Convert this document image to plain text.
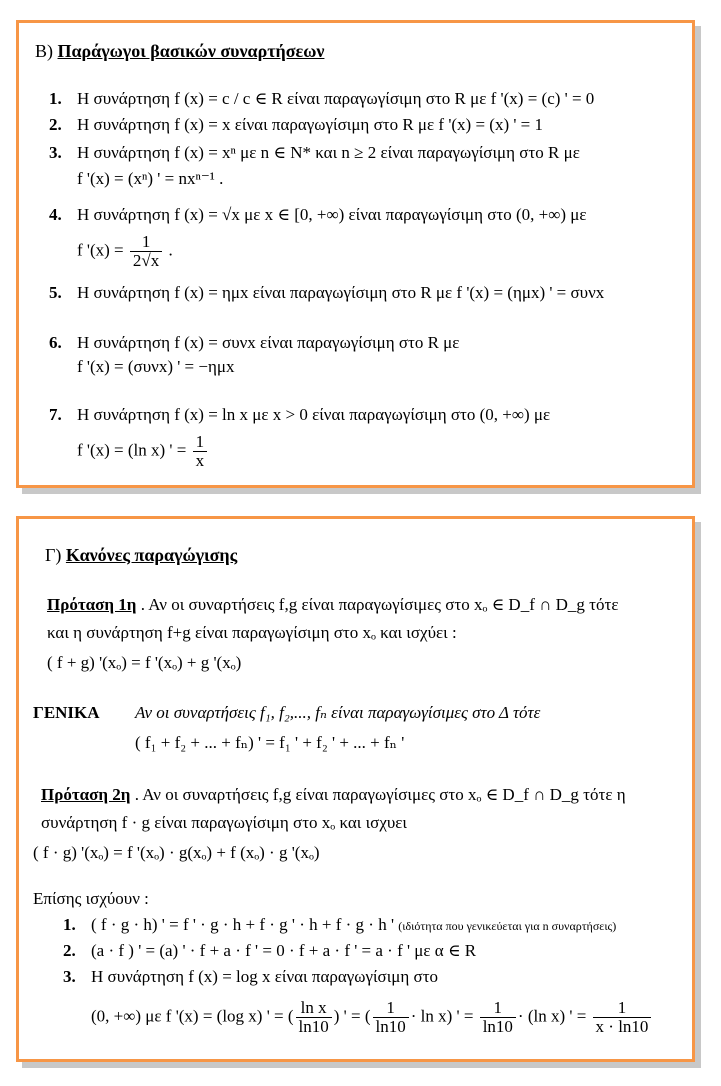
Β) Παράγωγοι βασικών συναρτήσεων
1. Η συνάρτηση f (x) = c / c ∈ R είναι παραγωγίσιμη στο R με f '(x) = (c) ' = 0
2. Η συνάρτηση f (x) = x είναι παραγωγίσιμη στο R με f '(x) = (x) ' = 1
3. Η συνάρτηση f (x) = xⁿ με n ∈ N* και n ≥ 2 είναι παραγωγίσιμη στο R με
f '(x) = (xⁿ) ' = nxⁿ⁻¹ .
4. Η συνάρτηση f (x) = √x με x ∈ [0, +∞) είναι παραγωγίσιμη στο (0, +∞) με
f '$(x) = \frac{1}{2√x}$ .
5. Η συνάρτηση f (x) = ημx είναι παραγωγίσιμη στο R με f '(x) = (ημx) ' = συνx
6. Η συνάρτηση f (x) = συνx είναι παραγωγίσιμη στο R με
f '(x) = (συνx) ' = −ημx
7. Η συνάρτηση f (x) = ln x με x > 0 είναι παραγωγίσιμη στο (0, +∞) με
f '(x) = (ln x) ' = $\frac{1}{x}$
Γ) Κανόνες παραγώγισης
Πρόταση 1η . Αν οι συναρτήσεις f,g είναι παραγωγίσιμες στο xₒ ∈ D_f ∩ D_g τότε
και η συνάρτηση f+g είναι παραγωγίσιμη στο xₒ και ισχύει :
( f + g) '(xₒ) = f '(xₒ) + g '(xₒ)
ΓΕΝΙΚΑ Αν οι συναρτήσεις f₁, f₂,..., fₙ είναι παραγωγίσιμες στο Δ τότε
( f₁ + f₂ + ... + fₙ) ' = f₁ ' + f₂ ' + ... + fₙ '
Πρόταση 2η . Αν οι συναρτήσεις f,g είναι παραγωγίσιμες στο xₒ ∈ D_f ∩ D_g τότε η
συνάρτηση f · g είναι παραγωγίσιμη στο xₒ και ισχυει
( f · g) '(xₒ) = f '(xₒ) · g(xₒ) + f (xₒ) · g '(xₒ)
Επίσης ισχύουν :
1. ( f · g · h) ' = f ' · g · h + f · g ' · h + f · g · h ' (ιδιότητα που γενικεύεται για n συναρτήσεις)
2. (a · f ) ' = (a) ' · f + a · f ' = 0 · f + a · f ' = a · f ' με α ∈ R
3. Η συνάρτηση f (x) = log x είναι παραγωγίσιμη στο
(0, +∞) με f '(x) = (log x) ' = ( $\frac{\text{ln x}}{\ln 10}$ ) ' = ( $\frac{1}{\ln 10} \cdot \ln x$) ' = $\frac{1}{\ln 10} \cdot (\ln$ x) ' = $\frac{1}{x \cdot \ln 10}$
